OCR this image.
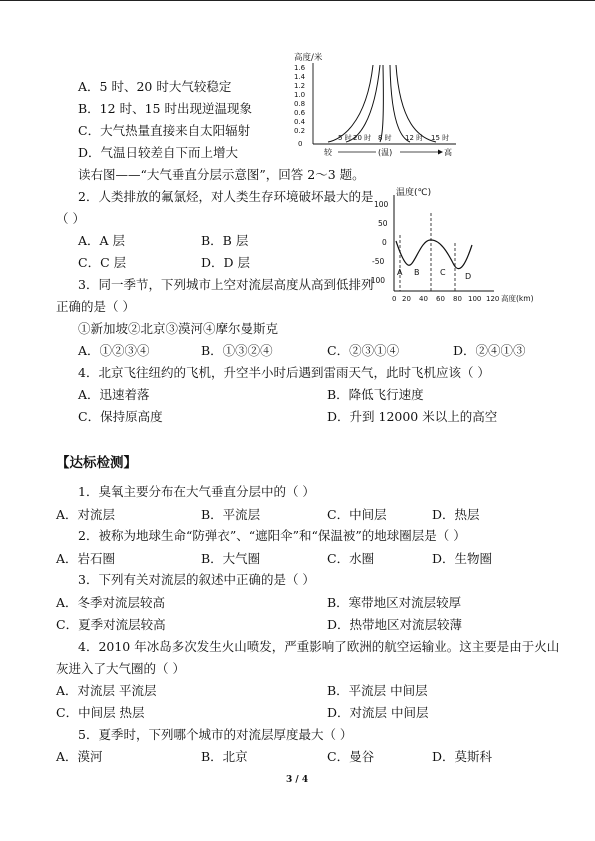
A．5 时、20 时大气较稳定
B．12 时、15 时出现逆温现象
C．大气热量直接来自太阳辐射
D．气温日较差自下而上增大
读右图——“大气垂直分层示意图”，回答 2～3 题。
2．人类排放的氟氯烃，对人类生存环境破坏最大的是
（ ）
A．A 层	B．B 层
C．C 层	D．D 层
3．同一季节，下列城市上空对流层高度从高到低排列
正确的是（ ）
①新加坡②北京③漠河④摩尔曼斯克
A．①②③④	B．①③②④	C．②③①④	D．②④①③
4．北京飞往纽约的飞机，升空半小时后遇到雷雨天气，此时飞机应该（ ）
A．迅速着落	B．降低飞行速度
C．保持原高度	D．升到 12000 米以上的高空
高度/米
1.6
1.4
1.2
1.0
0.8
0.6
0.4
0.2
0
5 时 20 时 8 时 12 时 15 时
较	(温)	高
温度(℃)
100
50
0
-50
-100
A B	C D
0 20 40 60 80 100 120 高度(km)
【达标检测】
1．臭氧主要分布在大气垂直分层中的（ ）
A．对流层	B．平流层	C．中间层	D．热层
2．被称为地球生命“防弹衣”、“遮阳伞”和“保温被”的地球圈层是（ ）
A．岩石圈	B．大气圈	C．水圈	D．生物圈
3．下列有关对流层的叙述中正确的是（ ）
A．冬季对流层较高	B．寒带地区对流层较厚
C．夏季对流层较高	D．热带地区对流层较薄
4．2010 年冰岛多次发生火山喷发，严重影响了欧洲的航空运输业。这主要是由于火山
灰进入了大气圈的（ ）
A．对流层 平流层	B．平流层 中间层
C．中间层 热层	D．对流层 中间层
5．夏季时，下列哪个城市的对流层厚度最大（ ）
A．漠河	B．北京	C．曼谷	D．莫斯科
3 / 4
